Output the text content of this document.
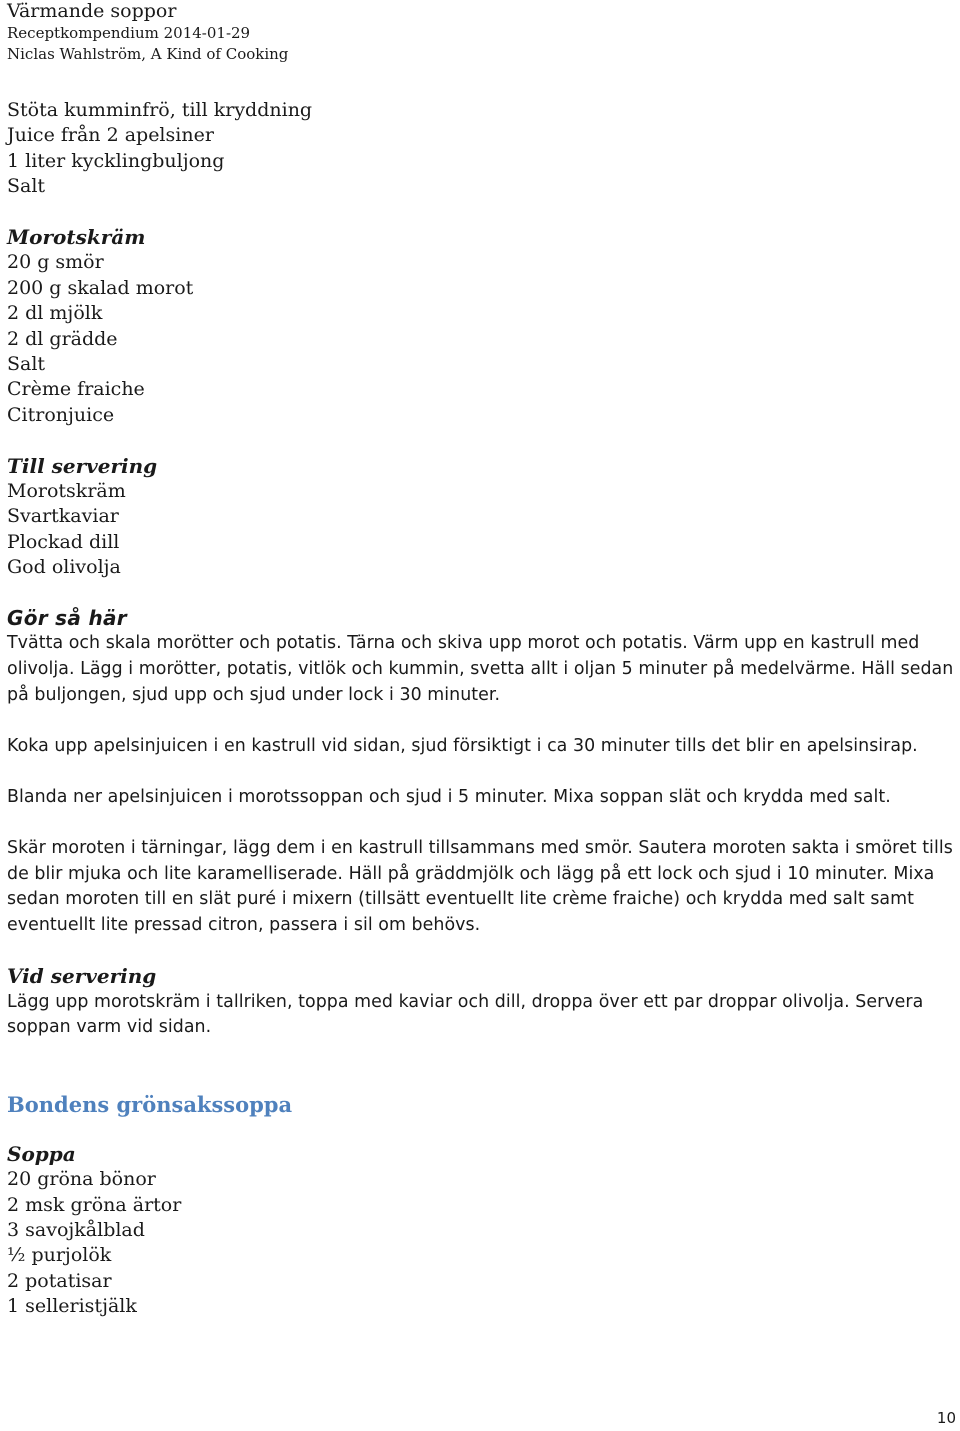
Värmande soppor

Receptkompendium 2014-01-29

Niclas Wahlström, A Kind of Cooking

Stöta kumminfrö, till kryddning
Juice från 2 apelsiner
1 liter kycklingbuljong
Salt

Morotskräm

20 g smör
200 g skalad morot
2 dl mjölk
2 dl grädde
Salt
Crème fraiche
Citronjuice

Till servering

Morotskräm
Svartkaviar
Plockad dill
God olivolja

Gör så här

Tvätta och skala morötter och potatis. Tärna och skiva upp morot och potatis. Värm upp en kastrull med olivolja. Lägg i morötter, potatis, vitlök och kummin, svetta allt i oljan 5 minuter på medelvärme. Häll sedan på buljongen, sjud upp och sjud under lock i 30 minuter.

Koka upp apelsinjuicen i en kastrull vid sidan, sjud försiktigt i ca 30 minuter tills det blir en apelsinsirap.

Blanda ner apelsinjuicen i morotssoppan och sjud i 5 minuter. Mixa soppan slät och krydda med salt.

Skär moroten i tärningar, lägg dem i en kastrull tillsammans med smör. Sautera moroten sakta i smöret tills de blir mjuka och lite karamelliserade. Häll på gräddmjölk och lägg på ett lock och sjud i 10 minuter. Mixa sedan moroten till en slät puré i mixern (tillsätt eventuellt lite crème fraiche) och krydda med salt samt eventuellt lite pressad citron, passera i sil om behövs.

Vid servering

Lägg upp morotskräm i tallriken, toppa med kaviar och dill, droppa över ett par droppar olivolja. Servera soppan varm vid sidan.

Bondens grönsakssoppa

Soppa

20 gröna bönor
2 msk gröna ärtor
3 savojkålblad
½ purjolök
2 potatisar
1 selleristjälk
10
